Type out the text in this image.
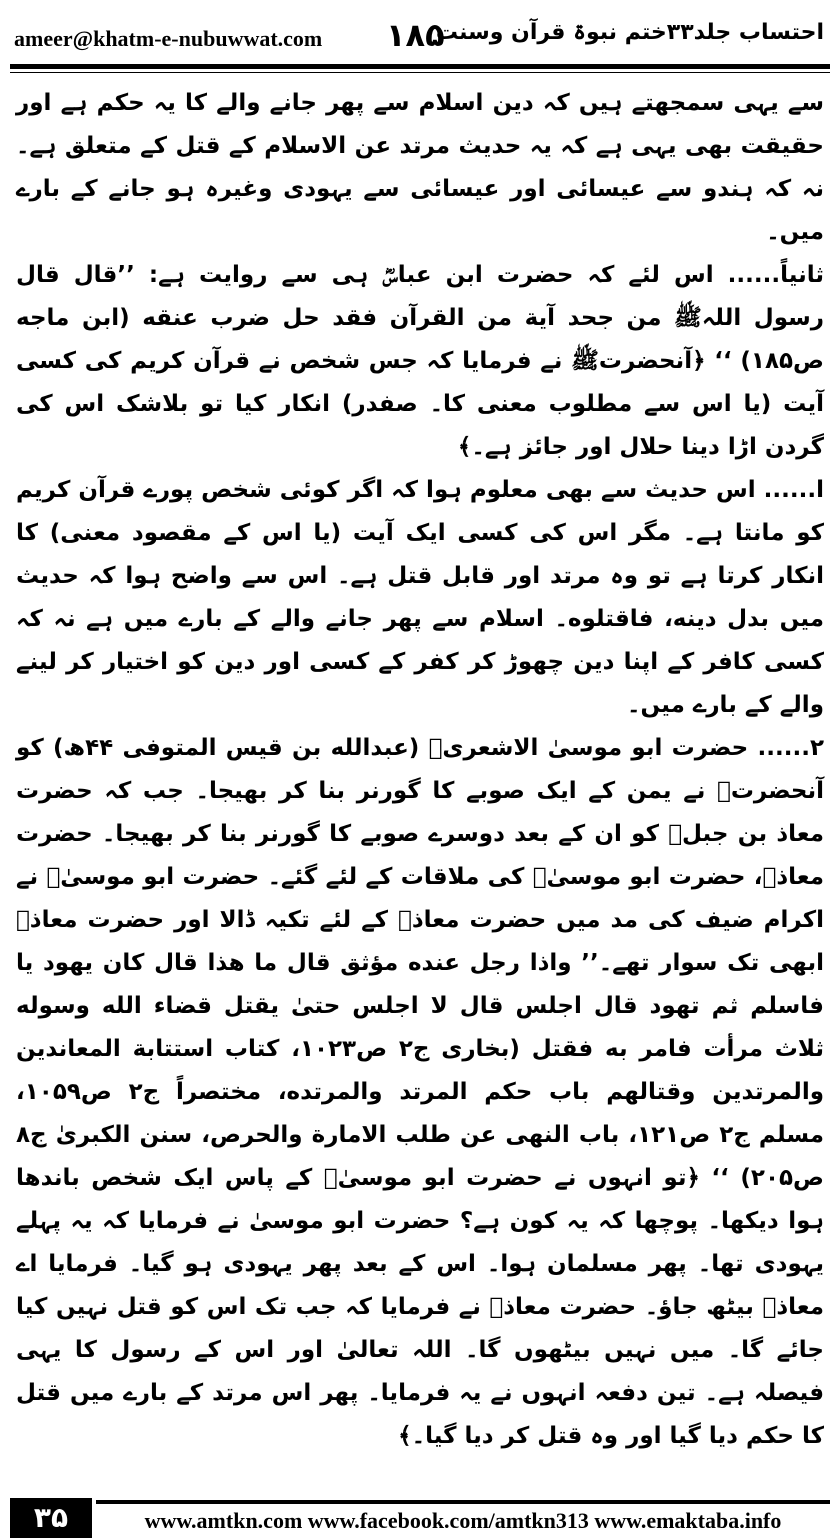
ameer@khatm-e-nubuwwat.com ۱۸۵
احتساب جلد۳۳ختم نبوۃ قرآن وسنت

سے یہی سمجھتے ہیں کہ دین اسلام سے پھر جانے والے کا یہ حکم ہے اور حقیقت بھی یہی ہے کہ یہ حدیث مرتد عن الاسلام کے قتل کے متعلق ہے۔ نہ کہ ہندو سے عیسائی اور عیسائی سے یہودی وغیرہ ہو جانے کے بارے میں۔

ثانیاً...... اس لئے کہ حضرت ابن عباسؓ ہی سے روایت ہے: ’’قال قال رسول اللہﷺ من جحد آیة من القرآن فقد حل ضرب عنقه (ابن ماجه ص۱۸۵) ‘‘ ﴿آنحضرتﷺ نے فرمایا کہ جس شخص نے قرآن کریم کی کسی آیت (یا اس سے مطلوب معنی کا۔ صفدر) انکار کیا تو بلاشک اس کی گردن اڑا دینا حلال اور جائز ہے۔﴾

ا...... اس حدیث سے بھی معلوم ہوا کہ اگر کوئی شخص پورے قرآن کریم کو مانتا ہے۔ مگر اس کی کسی ایک آیت (یا اس کے مقصود معنی) کا انکار کرتا ہے تو وہ مرتد اور قابل قتل ہے۔ اس سے واضح ہوا کہ حدیث میں بدل دینه، فاقتلوه۔ اسلام سے پھر جانے والے کے بارے میں ہے نہ کہ کسی کافر کے اپنا دین چھوڑ کر کفر کے کسی اور دین کو اختیار کر لینے والے کے بارے میں۔

۲...... حضرت ابو موسیٰ الاشعریؓ (عبدالله بن قیس المتوفی ۴۴ھ) کو آنحضرتﷺ نے یمن کے ایک صوبے کا گورنر بنا کر بھیجا۔ جب کہ حضرت معاذ بن جبلؓ کو ان کے بعد دوسرے صوبے کا گورنر بنا کر بھیجا۔ حضرت معاذؓ، حضرت ابو موسیٰؓ کی ملاقات کے لئے گئے۔ حضرت ابو موسیٰؓ نے اکرام ضیف کی مد میں حضرت معاذؓ کے لئے تکیہ ڈالا اور حضرت معاذؓ ابھی تک سوار تھے۔’’ واذا رجل عنده مؤثق قال ما هذا قال كان يهود يا فاسلم ثم تهود قال اجلس قال لا اجلس حتىٰ يقتل قضاء الله وسوله ثلاث مرأت فامر به فقتل (بخاری ج۲ ص۱۰۲۳، کتاب استتابة المعاندين والمرتدين وقتالهم باب حكم المرتد والمرتده، مختصراً ج۲ ص۱۰۵۹، مسلم ج۲ ص۱۲۱، باب النهى عن طلب الامارة والحرص، سنن الكبرىٰ ج۸ ص۲۰۵) ‘‘ ﴿تو انہوں نے حضرت ابو موسیٰؓ کے پاس ایک شخص باندھا ہوا دیکھا۔ پوچھا کہ یہ کون ہے؟ حضرت ابو موسیٰ نے فرمایا کہ یہ پہلے یہودی تھا۔ پھر مسلمان ہوا۔ اس کے بعد پھر یہودی ہو گیا۔ فرمایا اے معاذؓ بیٹھ جاؤ۔ حضرت معاذؓ نے فرمایا کہ جب تک اس کو قتل نہیں کیا جائے گا۔ میں نہیں بیٹھوں گا۔ اللہ تعالیٰ اور اس کے رسول کا یہی فیصلہ ہے۔ تین دفعہ انہوں نے یہ فرمایا۔ پھر اس مرتد کے بارے میں قتل کا حکم دیا گیا اور وہ قتل کر دیا گیا۔﴾

۳۵	www.amtkn.com www.facebook.com/amtkn313 www.emaktaba.info
